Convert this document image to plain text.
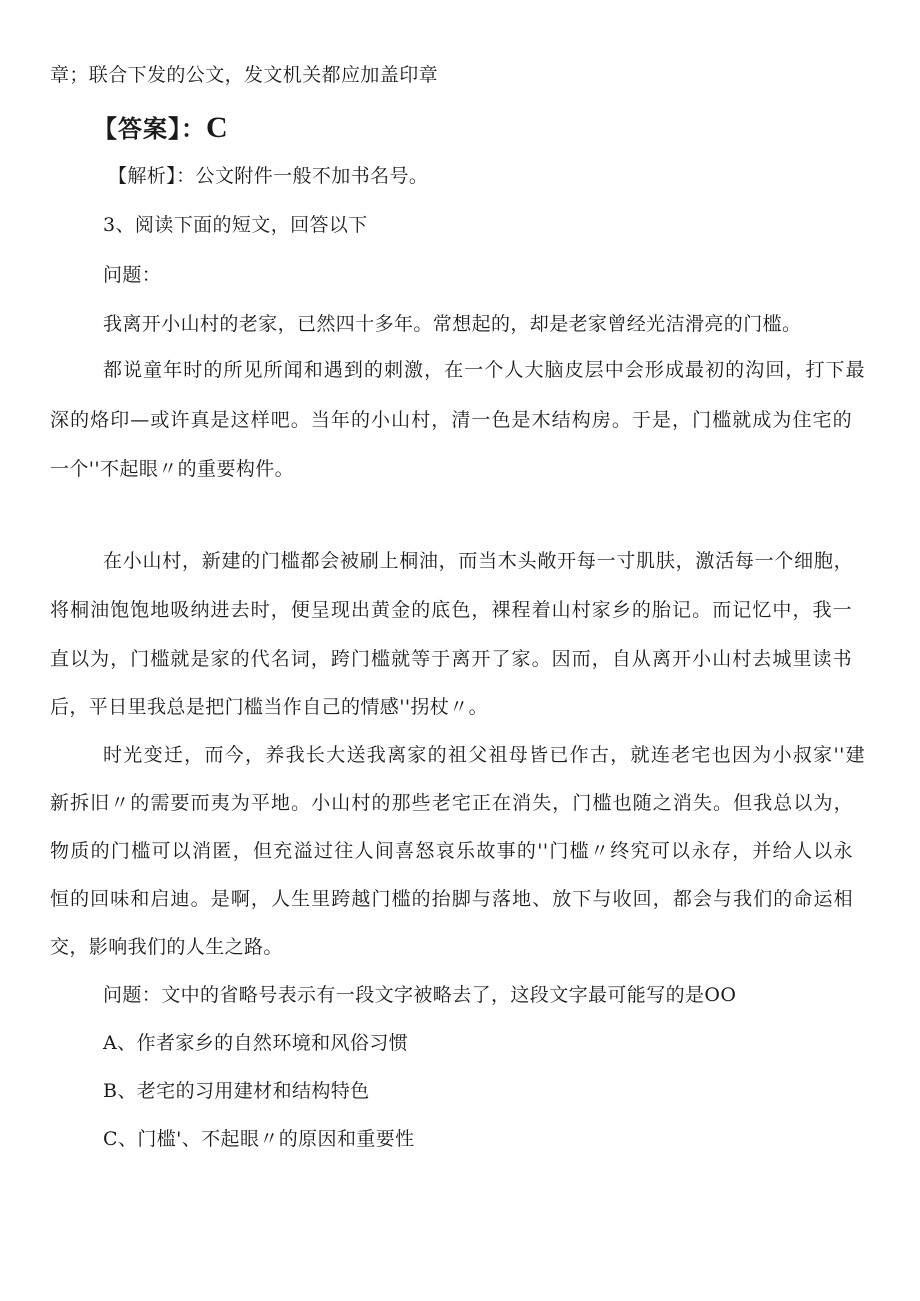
章；联合下发的公文，发文机关都应加盖印章
【答案】：C
【解析】：公文附件一般不加书名号。
3、阅读下面的短文，回答以下
问题：
我离开小山村的老家，已然四十多年。常想起的，却是老家曾经光洁滑亮的门槛。
都说童年时的所见所闻和遇到的刺激，在一个人大脑皮层中会形成最初的沟回，打下最
深的烙印—或许真是这样吧。当年的小山村，清一色是木结构房。于是，门槛就成为住宅的
一个''不起眼〃的重要构件。
在小山村，新建的门槛都会被刷上桐油，而当木头敞开每一寸肌肤，激活每一个细胞，
将桐油饱饱地吸纳进去时，便呈现出黄金的底色，裸程着山村家乡的胎记。而记忆中，我一
直以为，门槛就是家的代名词，跨门槛就等于离开了家。因而，自从离开小山村去城里读书
后，平日里我总是把门槛当作自己的情感''拐杖〃。
时光变迁，而今，养我长大送我离家的祖父祖母皆已作古，就连老宅也因为小叔家''建
新拆旧〃的需要而夷为平地。小山村的那些老宅正在消失，门槛也随之消失。但我总以为，
物质的门槛可以消匿，但充溢过往人间喜怒哀乐故事的''门槛〃终究可以永存，并给人以永
恒的回味和启迪。是啊，人生里跨越门槛的抬脚与落地、放下与收回，都会与我们的命运相
交，影响我们的人生之路。
问题：文中的省略号表示有一段文字被略去了，这段文字最可能写的是OO
A、作者家乡的自然环境和风俗习惯
B、老宅的习用建材和结构特色
C、门槛'、不起眼〃的原因和重要性
